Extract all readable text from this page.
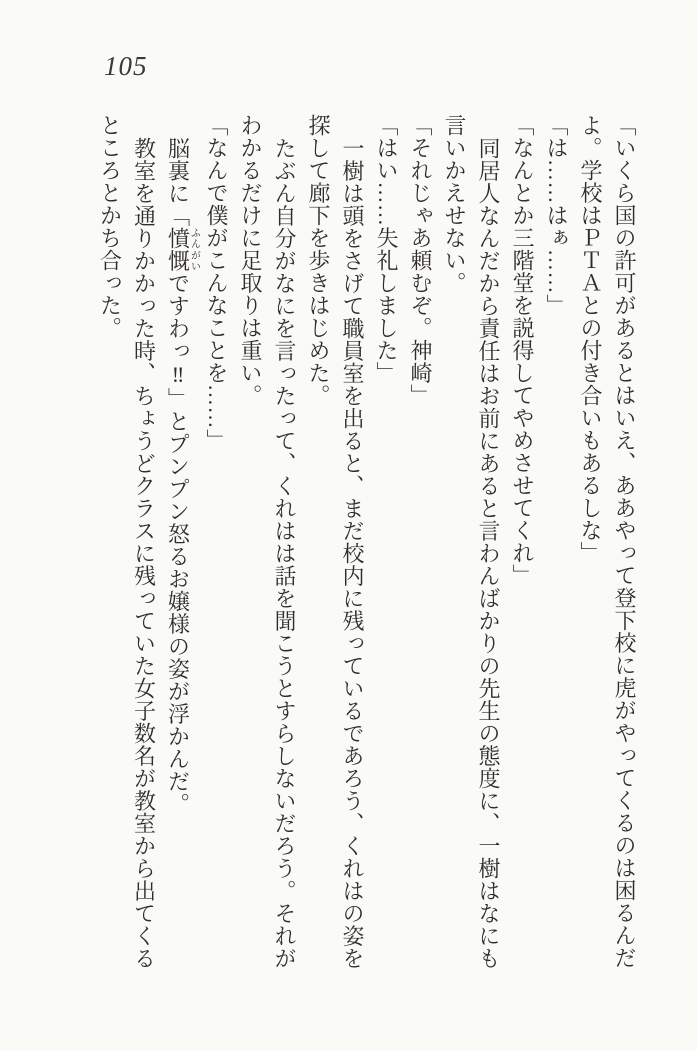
105

「いくら国の許可があるとはいえ、ああやって登下校に虎がやってくるのは困るんだよ。学校はＰＴＡとの付き合いもあるしな」

「は……はぁ……」

「なんとか三階堂を説得してやめさせてくれ」

同居人なんだから責任はお前にあると言わんばかりの先生の態度に、一樹はなにも言いかえせない。

「それじゃあ頼むぞ。神崎」

「はい……失礼しました」

一樹は頭をさげて職員室を出ると、まだ校内に残っているであろう、くれはの姿を探して廊下を歩きはじめた。

たぶん自分がなにを言ったって、くれはは話を聞こうとすらしないだろう。それがわかるだけに足取りは重い。

「なんで僕がこんなことを……」

脳裏に「憤慨ふんがいですわっ‼」とプンプン怒るお嬢様の姿が浮かんだ。

教室を通りかかった時、ちょうどクラスに残っていた女子数名が教室から出てくるところとかち合った。
